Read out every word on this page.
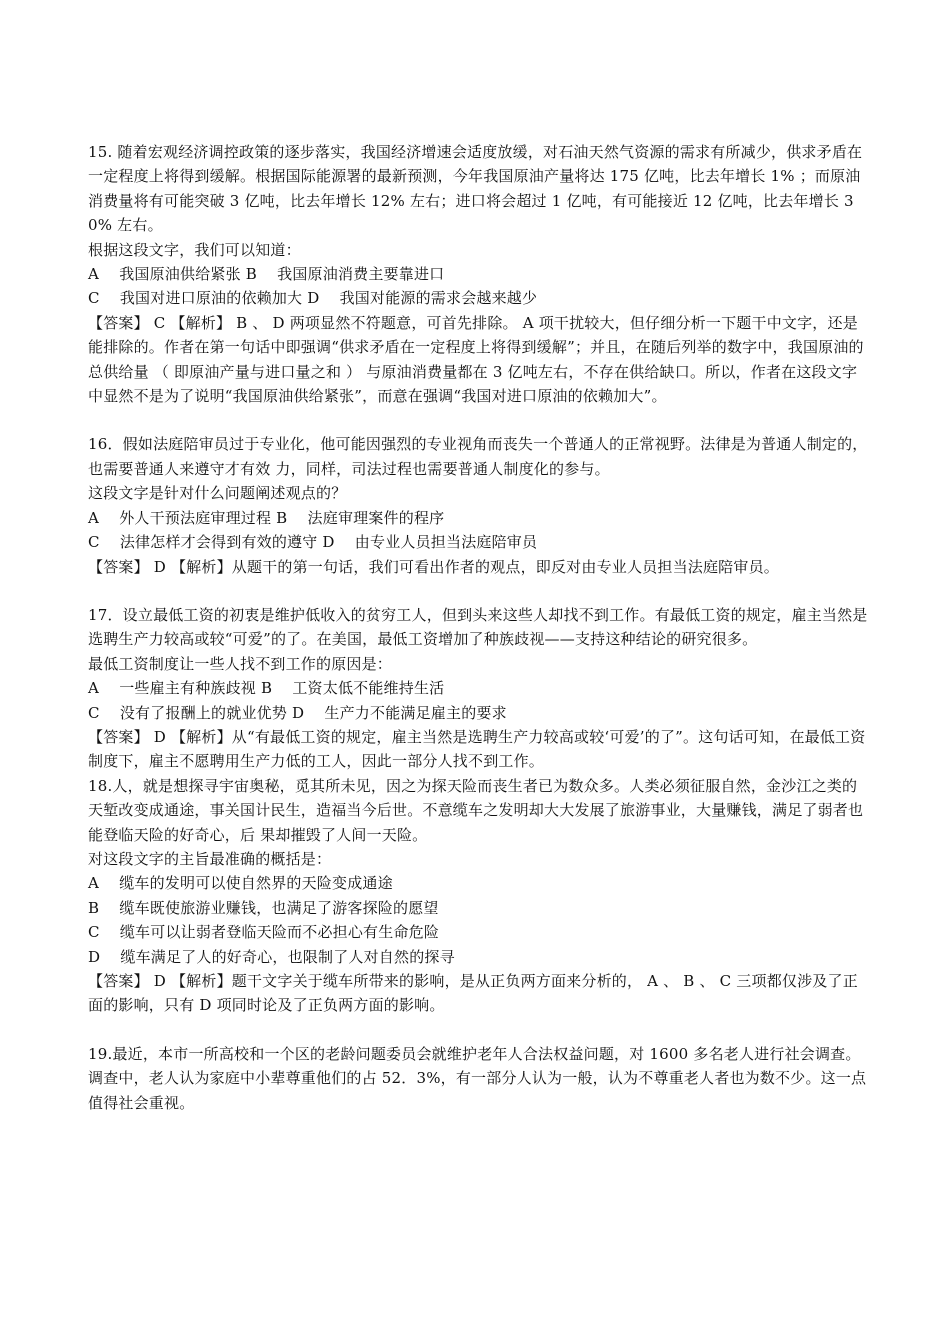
15. 随着宏观经济调控政策的逐步落实，我国经济增速会适度放缓，对石油天然气资源的需求有所减少，供求矛盾在一定程度上将得到缓解。根据国际能源署的最新预测，今年我国原油产量将达 175 亿吨，比去年增长 1% ；而原油消费量将有可能突破 3 亿吨，比去年增长 12% 左右；进口将会超过 1 亿吨，有可能接近 12 亿吨，比去年增长 30% 左右。

根据这段文字，我们可以知道：

A　 我国原油供给紧张 B　 我国原油消费主要靠进口

C　 我国对进口原油的依赖加大 D　 我国对能源的需求会越来越少

【答案】 C 【解析】 B 、 D 两项显然不符题意，可首先排除。 A 项干扰较大，但仔细分析一下题干中文字，还是能排除的。作者在第一句话中即强调“供求矛盾在一定程度上将得到缓解”；并且，在随后列举的数字中，我国原油的总供给量 （ 即原油产量与进口量之和 ） 与原油消费量都在 3 亿吨左右，不存在供给缺口。所以，作者在这段文字中显然不是为了说明“我国原油供给紧张”，而意在强调“我国对进口原油的依赖加大”。

16．假如法庭陪审员过于专业化，他可能因强烈的专业视角而丧失一个普通人的正常视野。法律是为普通人制定的，也需要普通人来遵守才有效 力，同样，司法过程也需要普通人制度化的参与。

这段文字是针对什么问题阐述观点的？

A　 外人干预法庭审理过程 B　 法庭审理案件的程序

C　 法律怎样才会得到有效的遵守 D　 由专业人员担当法庭陪审员

【答案】 D 【解析】从题干的第一句话，我们可看出作者的观点，即反对由专业人员担当法庭陪审员。

17．设立最低工资的初衷是维护低收入的贫穷工人，但到头来这些人却找不到工作。有最低工资的规定，雇主当然是选聘生产力较高或较“可爱”的了。在美国，最低工资增加了种族歧视——支持这种结论的研究很多。

最低工资制度让一些人找不到工作的原因是：

A　 一些雇主有种族歧视 B　 工资太低不能维持生活

C　 没有了报酬上的就业优势 D　 生产力不能满足雇主的要求

【答案】 D 【解析】从“有最低工资的规定，雇主当然是选聘生产力较高或较‘可爱’的了”。这句话可知，在最低工资制度下，雇主不愿聘用生产力低的工人，因此一部分人找不到工作。

18.人，就是想探寻宇宙奥秘，觅其所未见，因之为探天险而丧生者已为数众多。人类必须征服自然，金沙江之类的天堑改变成通途，事关国计民生，造福当今后世。不意缆车之发明却大大发展了旅游事业，大量赚钱，满足了弱者也能登临天险的好奇心，后 果却摧毁了人间一天险。

对这段文字的主旨最准确的概括是：

A　 缆车的发明可以使自然界的天险变成通途

B　 缆车既使旅游业赚钱，也满足了游客探险的愿望

C　 缆车可以让弱者登临天险而不必担心有生命危险

D　 缆车满足了人的好奇心，也限制了人对自然的探寻

【答案】 D 【解析】题干文字关于缆车所带来的影响，是从正负两方面来分析的， A 、 B 、 C 三项都仅涉及了正面的影响，只有 D 项同时论及了正负两方面的影响。

19.最近，本市一所高校和一个区的老龄问题委员会就维护老年人合法权益问题，对 1600 多名老人进行社会调查。调查中，老人认为家庭中小辈尊重他们的占 52．3%，有一部分人认为一般，认为不尊重老人者也为数不少。这一点值得社会重视。
